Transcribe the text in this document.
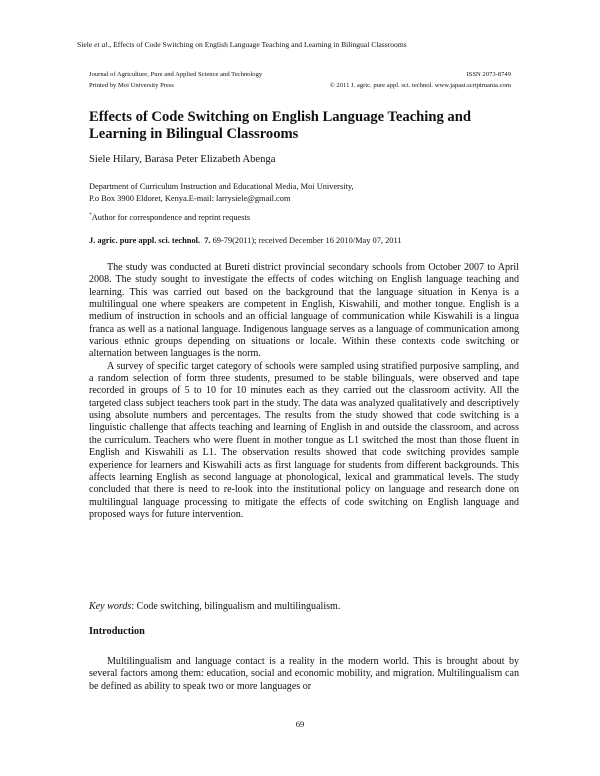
Siele et al., Effects of Code Switching on English Language Teaching and Learning in Bilingual Classrooms
Journal of Agriculture, Pure and Applied Science and Technology	ISSN 2073-8749
Printed by Moi University Press	© 2011 J. agric. pure appl. sci. technol. www.japast.scriptmania.com
Effects of Code Switching on English Language Teaching and Learning in Bilingual Classrooms
Siele Hilary, Barasa Peter Elizabeth Abenga
Department of Curriculum Instruction and Educational Media, Moi University,
P.o Box 3900 Eldoret, Kenya.E-mail: larrysiele@gmail.com
*Author for correspondence and reprint requests
J. agric. pure appl. sci. technol. 7. 69-79(2011); received December 16 2010/May 07, 2011

The study was conducted at Bureti district provincial secondary schools from October 2007 to April 2008. The study sought to investigate the effects of codes witching on English language teaching and learning. This was carried out based on the background that the language situation in Kenya is a multilingual one where speakers are competent in English, Kiswahili, and mother tongue. English is a medium of instruction in schools and an official language of communication while Kiswahili is a lingua franca as well as a national language. Indigenous language serves as a language of communication among various ethnic groups depending on situations or locale. Within these contexts code switching or alternation between languages is the norm.

A survey of specific target category of schools were sampled using stratified purposive sampling, and a random selection of form three students, presumed to be stable bilinguals, were observed and tape recorded in groups of 5 to 10 for 10 minutes each as they carried out the classroom activity. All the targeted class subject teachers took part in the study. The data was analyzed qualitatively and descriptively using absolute numbers and percentages. The results from the study showed that code switching is a linguistic challenge that affects teaching and learning of English in and outside the classroom, and across the curriculum. Teachers who were fluent in mother tongue as L1 switched the most than those fluent in English and Kiswahili as L1. The observation results showed that code switching provides sample experience for learners and Kiswahili acts as first language for students from different backgrounds. This affects learning English as second language at phonological, lexical and grammatical levels. The study concluded that there is need to re-look into the institutional policy on language and research done on multilingual language processing to mitigate the effects of code switching on English language and proposed ways for future intervention.

Key words: Code switching, bilingualism and multilingualism.
Introduction

Multilingualism and language contact is a reality in the modern world. This is brought about by several factors among them: education, social and economic mobility, and migration. Multilingualism can be defined as ability to speak two or more languages or

69
